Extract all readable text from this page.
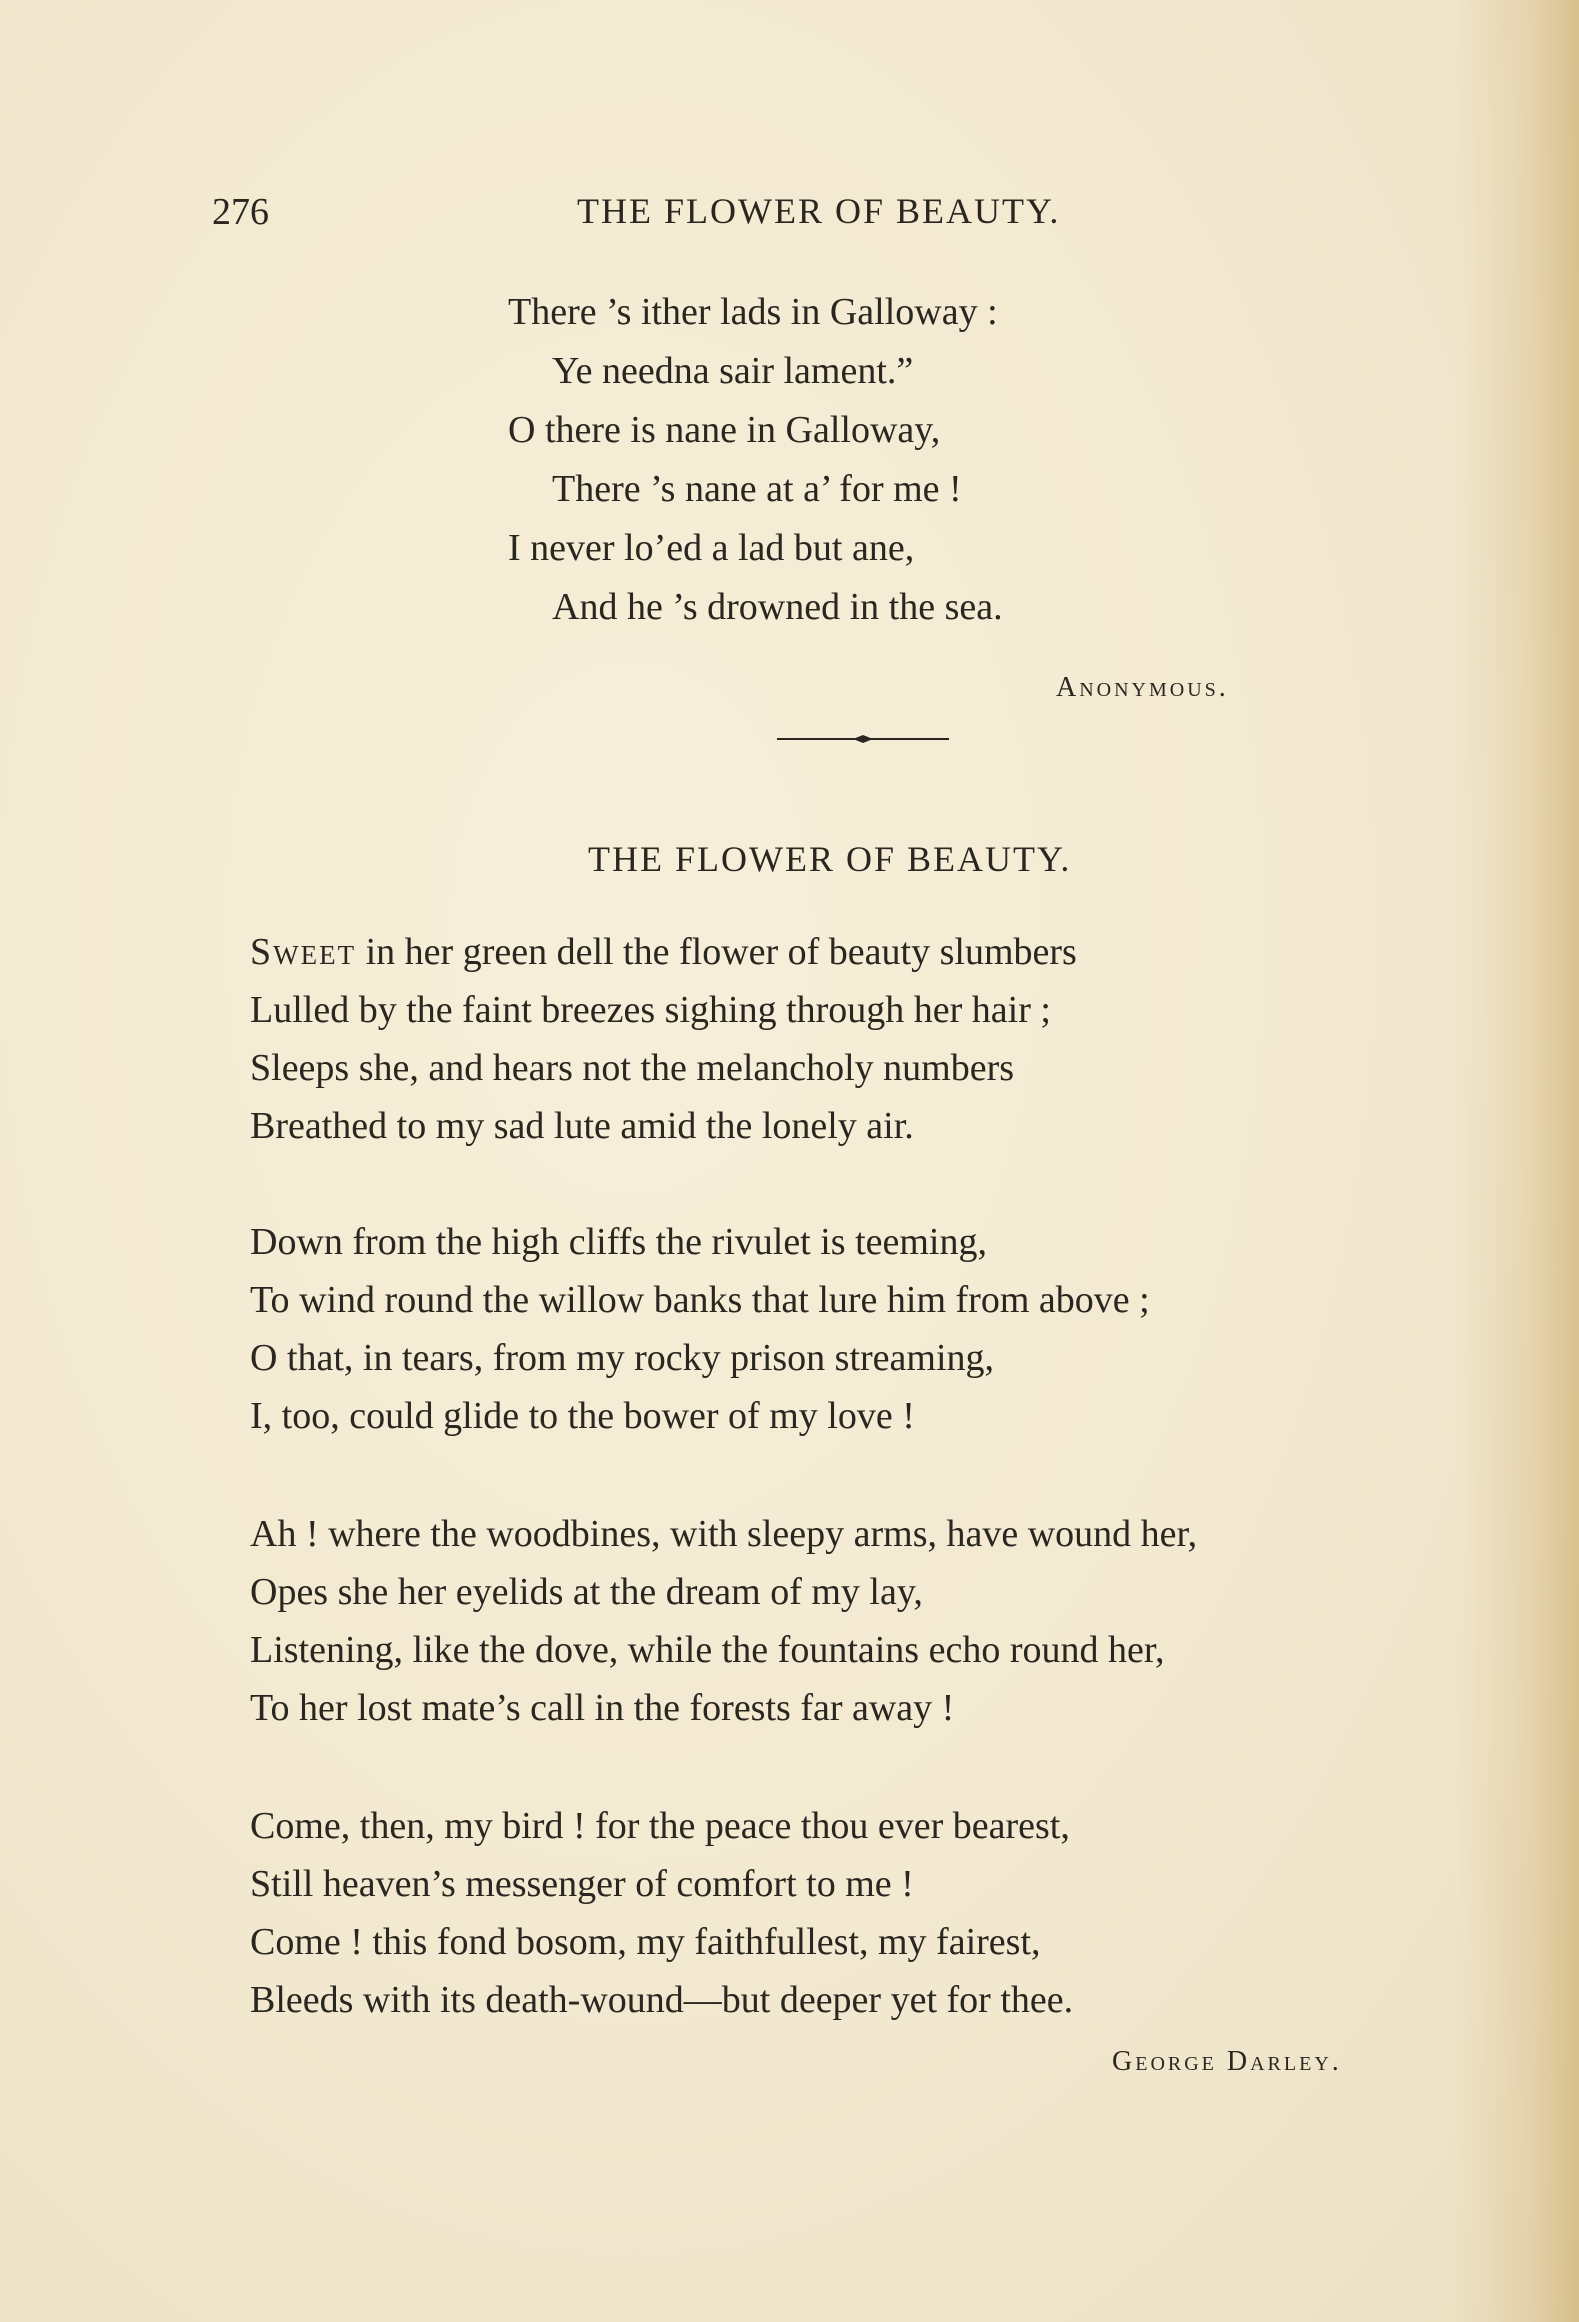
276	THE FLOWER OF BEAUTY.
There ’s ither lads in Galloway :
Ye needna sair lament.”
O there is nane in Galloway,
There ’s nane at a’ for me !
I never lo’ed a lad but ane,
And he ’s drowned in the sea.
Anonymous.
THE FLOWER OF BEAUTY.
Sweet in her green dell the flower of beauty slumbers
Lulled by the faint breezes sighing through her hair ;
Sleeps she, and hears not the melancholy numbers
Breathed to my sad lute amid the lonely air.
Down from the high cliffs the rivulet is teeming,
To wind round the willow banks that lure him from above ;
O that, in tears, from my rocky prison streaming,
I, too, could glide to the bower of my love !
Ah ! where the woodbines, with sleepy arms, have wound her,
Opes she her eyelids at the dream of my lay,
Listening, like the dove, while the fountains echo round her,
To her lost mate’s call in the forests far away !
Come, then, my bird ! for the peace thou ever bearest,
Still heaven’s messenger of comfort to me !
Come ! this fond bosom, my faithfullest, my fairest,
Bleeds with its death-wound—but deeper yet for thee.
George Darley.
